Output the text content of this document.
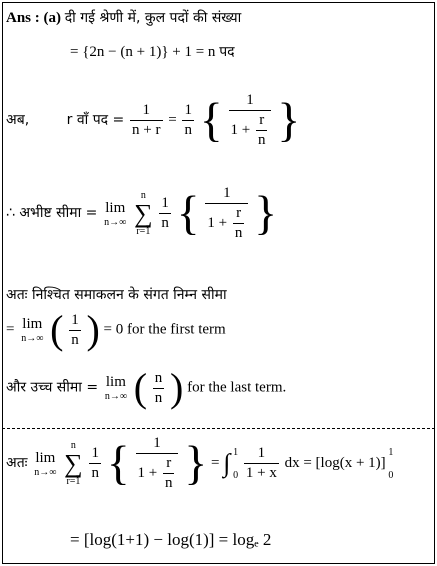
Ans : (a) दी गई श्रेणी में, कुल पदों की संख्या
= {2n − (n + 1)} + 1 = n पद
अब,	r वाँ पद = $\frac{1}{n + r} = \frac{1}{n}$ { $\frac{1}{1 + \frac{r}{n}}$ }
∴ अभीष्ट सीमा = lim
n→∞

n
∑
r=1
$\frac{1}{n}$ { $\frac{1}{1 + \frac{r}{n}}$ }
अतः निश्चित समाकलन के संगत निम्न सीमा
= lim
n→∞ ( $\frac{1}{n}$ ) = 0 for the first term
और उच्च सीमा = lim
n→∞ ( $\frac{n}{n}$ ) for the last term.
अतः lim
n→∞

n
∑
r=1
$\frac{1}{n}$ { $\frac{1}{1 + \frac{r}{n}}$ } = ∫ 1
0
$\frac{1}{1 + x}$ dx = [log(x + 1)]
1
0
= [log(1+1) − log(1)] = logₑ 2
